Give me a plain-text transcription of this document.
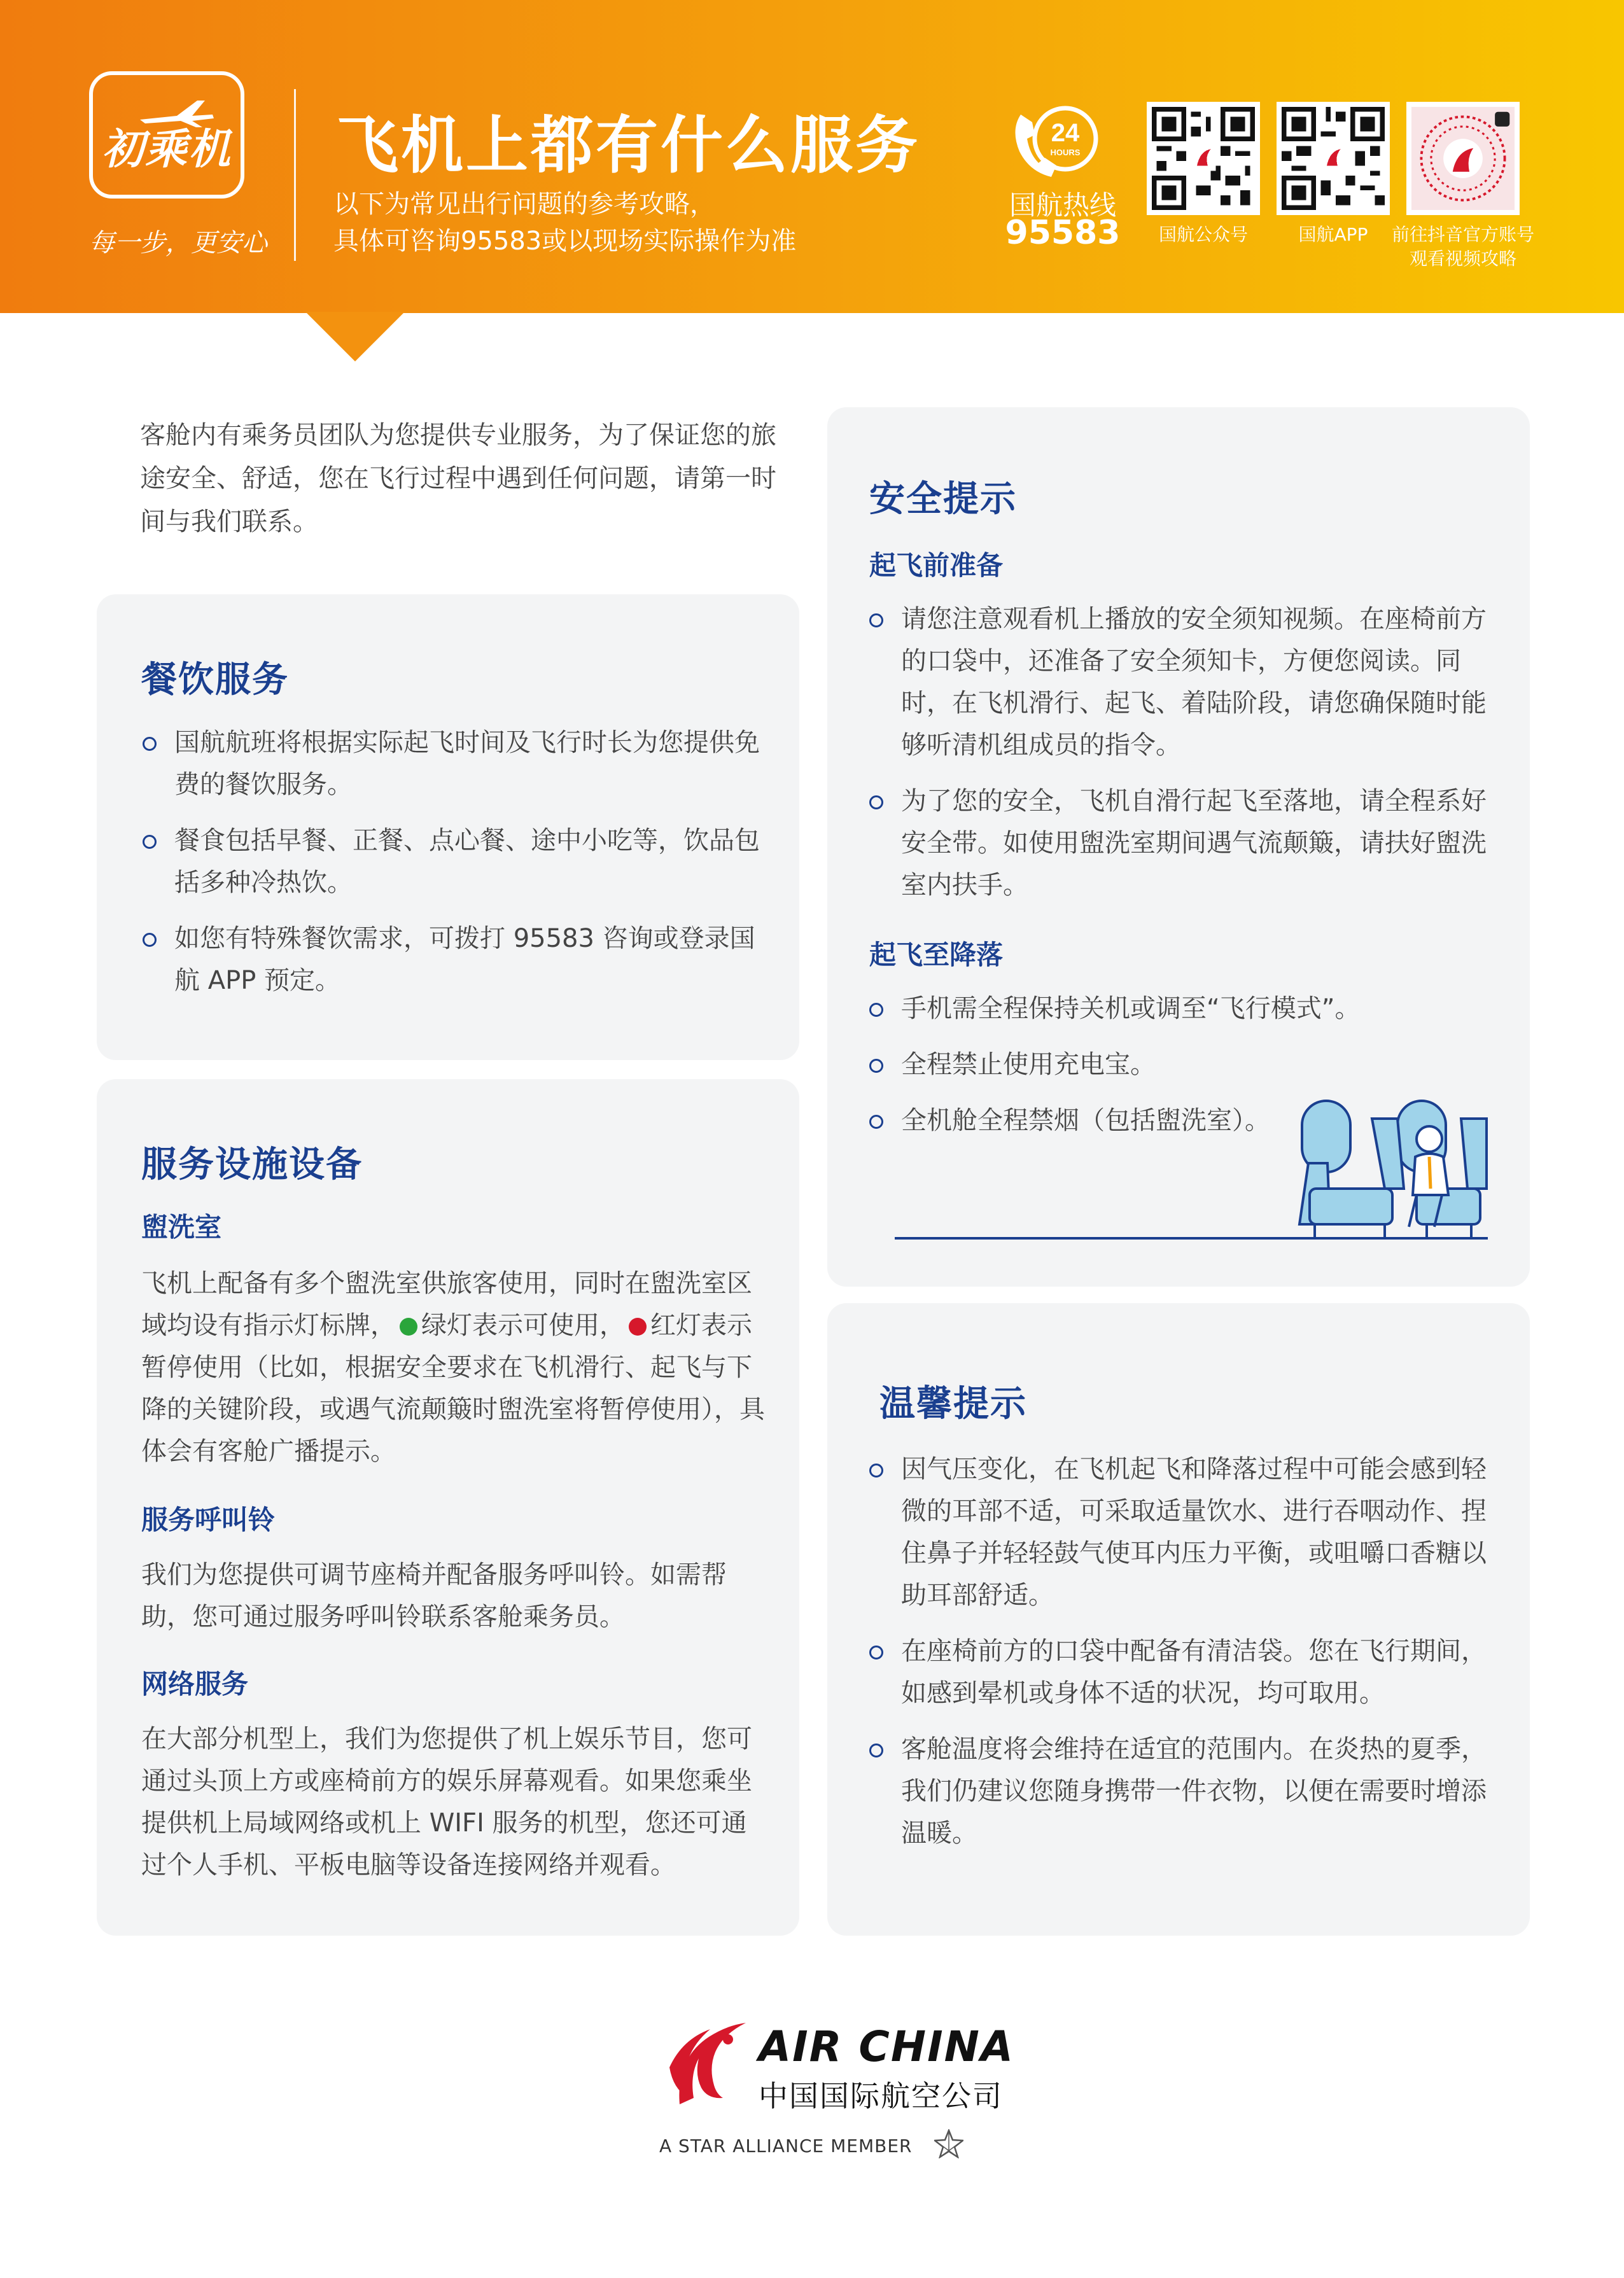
初乘机
每一步，更安心
飞机上都有什么服务
以下为常见出行问题的参考攻略，
具体可咨询95583或以现场实际操作为准
24
HOURS
国航热线
95583	国航公众号	国航APP	前往抖音官方账号
观看视频攻略
客舱内有乘务员团队为您提供专业服务，为了保证您的旅途安全、舒适，您在飞行过程中遇到任何问题，请第一时间与我们联系。
餐饮服务
国航航班将根据实际起飞时间及飞行时长为您提供免费的餐饮服务。
餐食包括早餐、正餐、点心餐、途中小吃等，饮品包括多种冷热饮。
如您有特殊餐饮需求，可拨打 95583 咨询或登录国航 APP 预定。
服务设施设备
盥洗室
飞机上配备有多个盥洗室供旅客使用，同时在盥洗室区域均设有指示灯标牌， 绿灯表示可使用， 红灯表示暂停使用（比如，根据安全要求在飞机滑行、起飞与下降的关键阶段，或遇气流颠簸时盥洗室将暂停使用），具体会有客舱广播提示。
服务呼叫铃
我们为您提供可调节座椅并配备服务呼叫铃。如需帮助，您可通过服务呼叫铃联系客舱乘务员。
网络服务
在大部分机型上，我们为您提供了机上娱乐节目，您可通过头顶上方或座椅前方的娱乐屏幕观看。如果您乘坐提供机上局域网络或机上 WIFI 服务的机型，您还可通过个人手机、平板电脑等设备连接网络并观看。
安全提示
起飞前准备
请您注意观看机上播放的安全须知视频。在座椅前方的口袋中，还准备了安全须知卡，方便您阅读。同时，在飞机滑行、起飞、着陆阶段，请您确保随时能够听清机组成员的指令。
为了您的安全，飞机自滑行起飞至落地，请全程系好安全带。如使用盥洗室期间遇气流颠簸，请扶好盥洗室内扶手。
起飞至降落
手机需全程保持关机或调至“飞行模式”。
全程禁止使用充电宝。
全机舱全程禁烟（包括盥洗室）。
温馨提示
因气压变化，在飞机起飞和降落过程中可能会感到轻微的耳部不适，可采取适量饮水、进行吞咽动作、捏住鼻子并轻轻鼓气使耳内压力平衡，或咀嚼口香糖以助耳部舒适。
在座椅前方的口袋中配备有清洁袋。您在飞行期间，如感到晕机或身体不适的状况，均可取用。
客舱温度将会维持在适宜的范围内。在炎热的夏季，我们仍建议您随身携带一件衣物，以便在需要时增添温暖。
AIR CHINA
中国国际航空公司
A STAR ALLIANCE MEMBER
